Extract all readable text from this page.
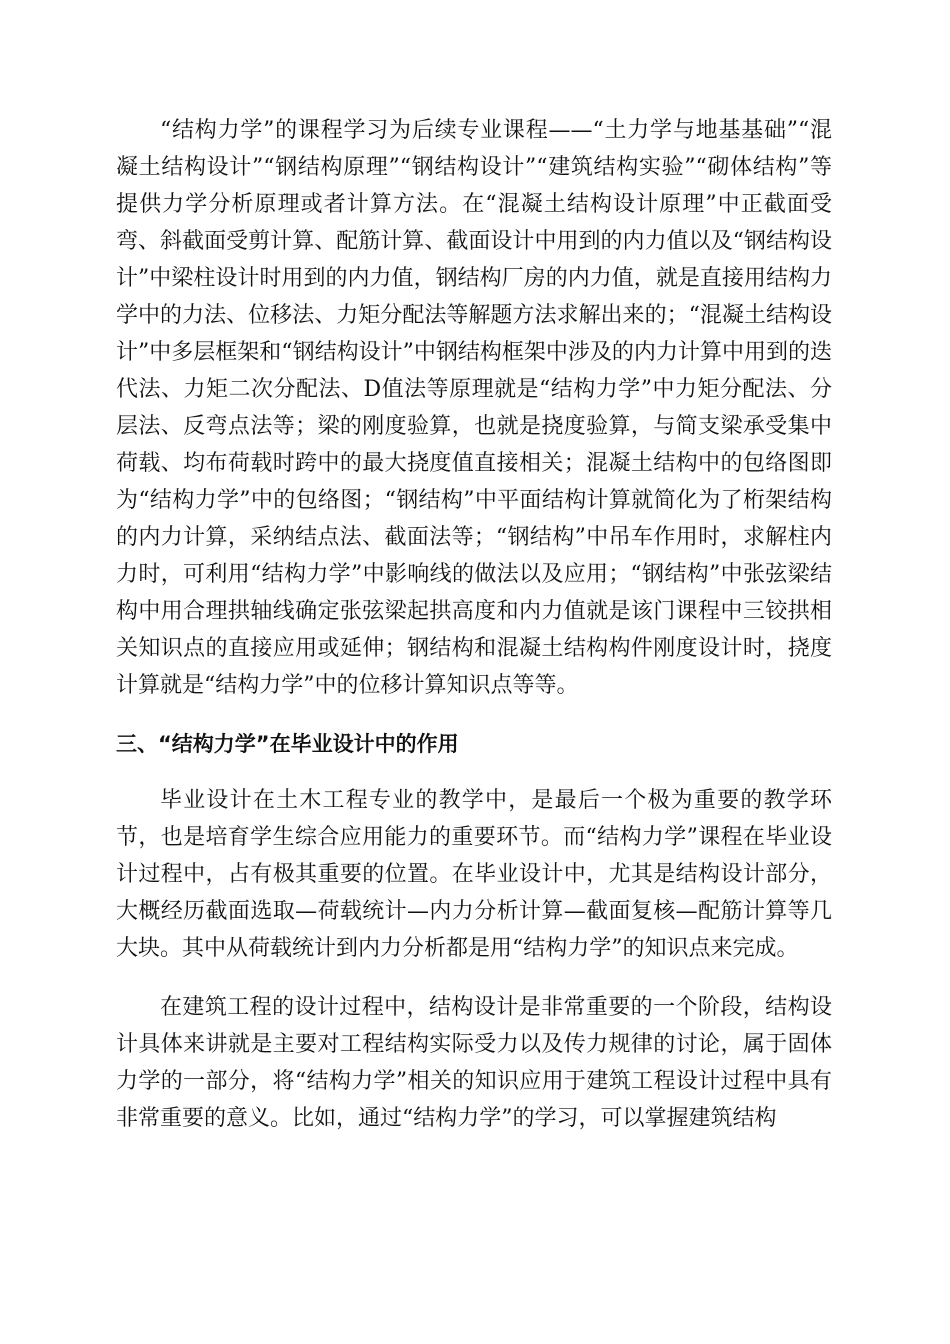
“结构力学”的课程学习为后续专业课程——“土力学与地基基础”“混凝土结构设计”“钢结构原理”“钢结构设计”“建筑结构实验”“砌体结构”等提供力学分析原理或者计算方法。在“混凝土结构设计原理”中正截面受弯、斜截面受剪计算、配筋计算、截面设计中用到的内力值以及“钢结构设计”中梁柱设计时用到的内力值，钢结构厂房的内力值，就是直接用结构力学中的力法、位移法、力矩分配法等解题方法求解出来的；“混凝土结构设计”中多层框架和“钢结构设计”中钢结构框架中涉及的内力计算中用到的迭代法、力矩二次分配法、D值法等原理就是“结构力学”中力矩分配法、分层法、反弯点法等；梁的刚度验算，也就是挠度验算，与简支梁承受集中荷载、均布荷载时跨中的最大挠度值直接相关；混凝土结构中的包络图即为“结构力学”中的包络图；“钢结构”中平面结构计算就简化为了桁架结构的内力计算，采纳结点法、截面法等；“钢结构”中吊车作用时，求解柱内力时，可利用“结构力学”中影响线的做法以及应用；“钢结构”中张弦梁结构中用合理拱轴线确定张弦梁起拱高度和内力值就是该门课程中三铰拱相关知识点的直接应用或延伸；钢结构和混凝土结构构件刚度设计时，挠度计算就是“结构力学”中的位移计算知识点等等。

三、“结构力学”在毕业设计中的作用

毕业设计在土木工程专业的教学中，是最后一个极为重要的教学环节，也是培育学生综合应用能力的重要环节。而“结构力学”课程在毕业设计过程中，占有极其重要的位置。在毕业设计中，尤其是结构设计部分，大概经历截面选取—荷载统计—内力分析计算—截面复核—配筋计算等几大块。其中从荷载统计到内力分析都是用“结构力学”的知识点来完成。

在建筑工程的设计过程中，结构设计是非常重要的一个阶段，结构设计具体来讲就是主要对工程结构实际受力以及传力规律的讨论，属于固体力学的一部分，将“结构力学”相关的知识应用于建筑工程设计过程中具有非常重要的意义。比如，通过“结构力学”的学习，可以掌握建筑结构
